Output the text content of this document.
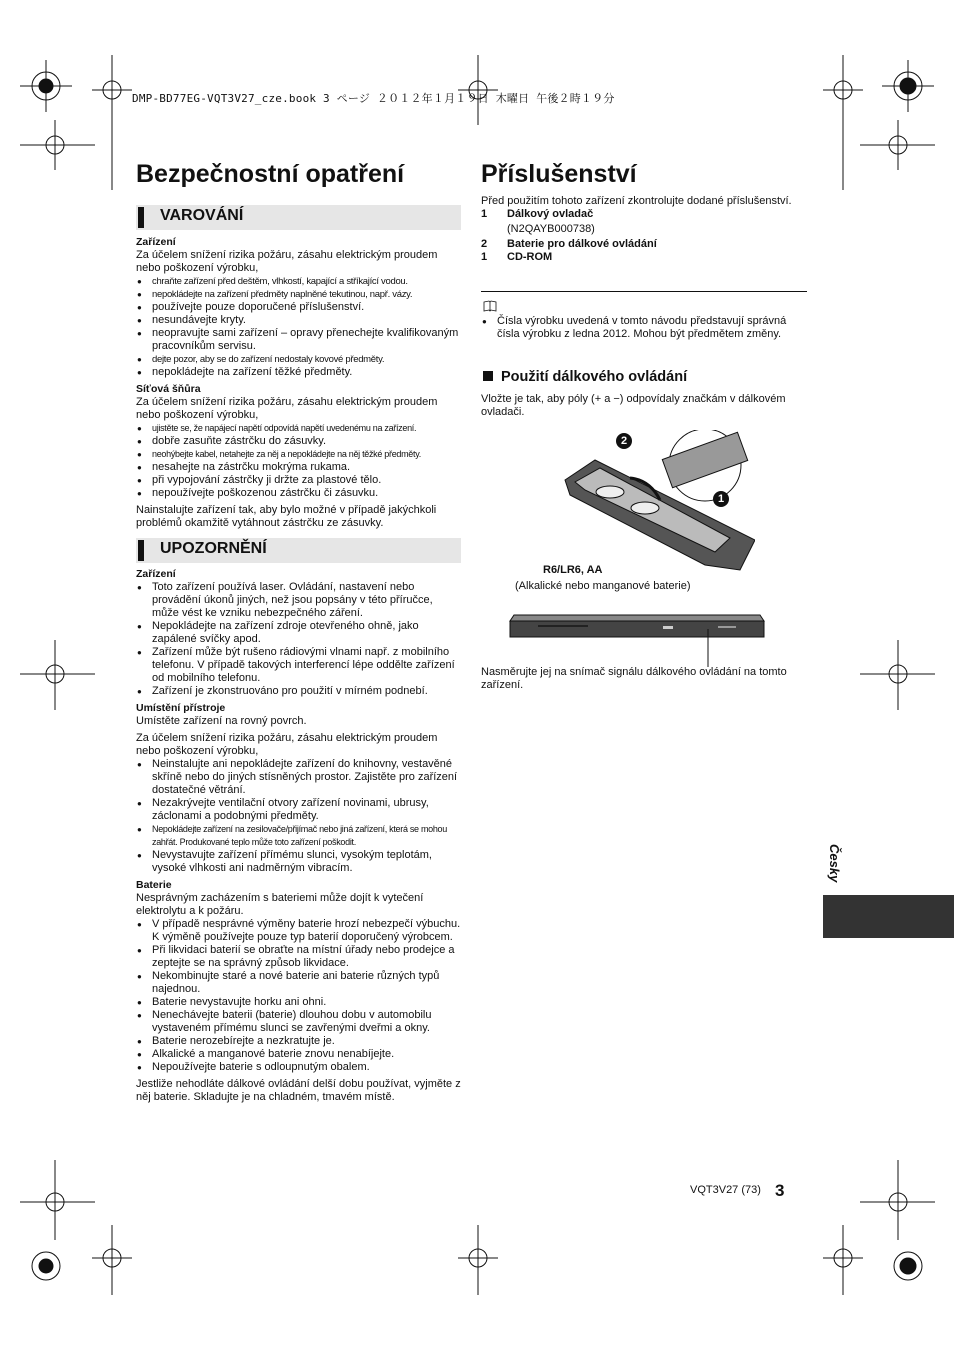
DMP-BD77EG-VQT3V27_cze.book 3 ページ ２０１２年１月１９日 木曜日 午後２時１９分
Bezpečnostní opatření
VAROVÁNÍ

Zařízení

Za účelem snížení rizika požáru, zásahu elektrickým proudem nebo poškození výrobku,

● chraňte zařízení před deštěm, vlhkostí, kapající a stříkající vodou.
● nepokládejte na zařízení předměty naplněné tekutinou, např. vázy.
● používejte pouze doporučené příslušenství.
● nesundávejte kryty.
● neopravujte sami zařízení – opravy přenechejte kvalifikovaným pracovníkům servisu.
● dejte pozor, aby se do zařízení nedostaly kovové předměty.
● nepokládejte na zařízení těžké předměty.

Síťová šňůra

Za účelem snížení rizika požáru, zásahu elektrickým proudem nebo poškození výrobku,

● ujistěte se, že napájecí napětí odpovídá napětí uvedenému na zařízení.
● dobře zasuňte zástrčku do zásuvky.
● neohýbejte kabel, netahejte za něj a nepokládejte na něj těžké předměty.
● nesahejte na zástrčku mokrýma rukama.
● při vypojování zástrčky ji držte za plastové tělo.
● nepoužívejte poškozenou zástrčku či zásuvku.

Nainstalujte zařízení tak, aby bylo možné v případě jakýchkoli problémů okamžitě vytáhnout zástrčku ze zásuvky.

UPOZORNĚNÍ

Zařízení

● Toto zařízení používá laser. Ovládání, nastavení nebo provádění úkonů jiných, než jsou popsány v této příručce, může vést ke vzniku nebezpečného záření.
● Nepokládejte na zařízení zdroje otevřeného ohně, jako zapálené svíčky apod.
● Zařízení může být rušeno rádiovými vlnami např. z mobilního telefonu. V případě takových interferencí lépe oddělte zařízení od mobilního telefonu.
● Zařízení je zkonstruováno pro použití v mírném podnebí.

Umístění přístroje

Umístěte zařízení na rovný povrch.

Za účelem snížení rizika požáru, zásahu elektrickým proudem nebo poškození výrobku,

● Neinstalujte ani nepokládejte zařízení do knihovny, vestavěné skříně nebo do jiných stísněných prostor. Zajistěte pro zařízení dostatečné větrání.
● Nezakrývejte ventilační otvory zařízení novinami, ubrusy, záclonami a podobnými předměty.
● Nepokládejte zařízení na zesilovače/přijímač nebo jiná zařízení, která se mohou zahřát. Produkované teplo může toto zařízení poškodit.
● Nevystavujte zařízení přímému slunci, vysokým teplotám, vysoké vlhkosti ani nadměrným vibracím.

Baterie

Nesprávným zacházením s bateriemi může dojít k vytečení elektrolytu a k požáru.

● V případě nesprávné výměny baterie hrozí nebezpečí výbuchu. K výměně používejte pouze typ baterií doporučený výrobcem.
● Při likvidaci baterií se obraťte na místní úřady nebo prodejce a zeptejte se na správný způsob likvidace.
● Nekombinujte staré a nové baterie ani baterie různých typů najednou.
● Baterie nevystavujte horku ani ohni.
● Nenechávejte baterii (baterie) dlouhou dobu v automobilu vystaveném přímému slunci se zavřenými dveřmi a okny.
● Baterie nerozebírejte a nezkratujte je.
● Alkalické a manganové baterie znovu nenabíjejte.
● Nepoužívejte baterie s odloupnutým obalem.

Jestliže nehodláte dálkové ovládání delší dobu používat, vyjměte z něj baterie. Skladujte je na chladném, tmavém místě.

Příslušenství

Před použitím tohoto zařízení zkontrolujte dodané příslušenství.

1	Dálkový ovladač
(N2QAYB000738)
2	Baterie pro dálkové ovládání
1	CD-ROM
● Čísla výrobku uvedená v tomto návodu představují správná čísla výrobku z ledna 2012. Mohou být předmětem změny.
Použití dálkového ovládání

Vložte je tak, aby póly (+ a −) odpovídaly značkám v dálkovém ovladači.

2
1
R6/LR6, AA
(Alkalické nebo manganové baterie)

Nasměrujte jej na snímač signálu dálkového ovládání na tomto zařízení.

Česky
VQT3V27 (73) 3
